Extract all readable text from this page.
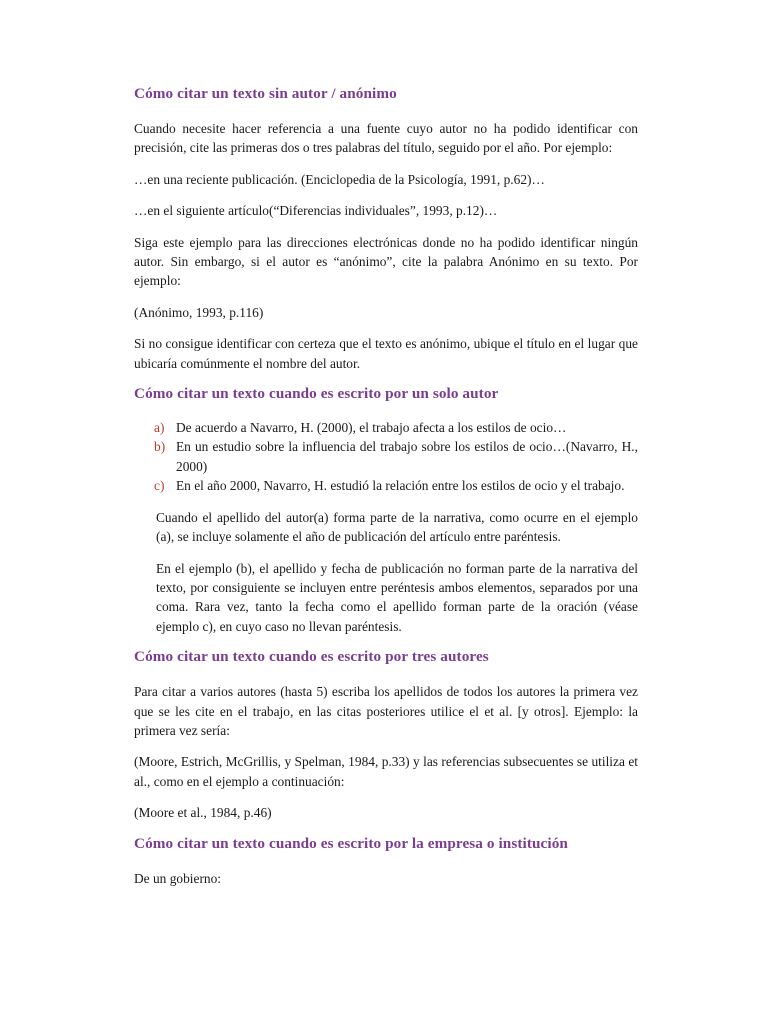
Cómo citar un texto sin autor / anónimo

Cuando necesite hacer referencia a una fuente cuyo autor no ha podido identificar con precisión, cite las primeras dos o tres palabras del título, seguido por el año. Por ejemplo:

…en una reciente publicación. (Enciclopedia de la Psicología, 1991, p.62)…

…en el siguiente artículo(“Diferencias individuales”, 1993, p.12)…

Siga este ejemplo para las direcciones electrónicas donde no ha podido identificar ningún autor. Sin embargo, si el autor es “anónimo”, cite la palabra Anónimo en su texto. Por ejemplo:

(Anónimo, 1993, p.116)

Si no consigue identificar con certeza que el texto es anónimo, ubique el título en el lugar que ubicaría comúnmente el nombre del autor.

Cómo citar un texto cuando es escrito por un solo autor
a) De acuerdo a Navarro, H. (2000), el trabajo afecta a los estilos de ocio…
b) En un estudio sobre la influencia del trabajo sobre los estilos de ocio…(Navarro, H., 2000)
c) En el año 2000, Navarro, H. estudió la relación entre los estilos de ocio y el trabajo.

Cuando el apellido del autor(a) forma parte de la narrativa, como ocurre en el ejemplo (a), se incluye solamente el año de publicación del artículo entre paréntesis.

En el ejemplo (b), el apellido y fecha de publicación no forman parte de la narrativa del texto, por consiguiente se incluyen entre peréntesis ambos elementos, separados por una coma. Rara vez, tanto la fecha como el apellido forman parte de la oración (véase ejemplo c), en cuyo caso no llevan paréntesis.

Cómo citar un texto cuando es escrito por tres autores

Para citar a varios autores (hasta 5) escriba los apellidos de todos los autores la primera vez que se les cite en el trabajo, en las citas posteriores utilice el et al. [y otros]. Ejemplo: la primera vez sería:

(Moore, Estrich, McGrillis, y Spelman, 1984, p.33) y las referencias subsecuentes se utiliza et al., como en el ejemplo a continuación:

(Moore et al., 1984, p.46)

Cómo citar un texto cuando es escrito por la empresa o institución

De un gobierno:
